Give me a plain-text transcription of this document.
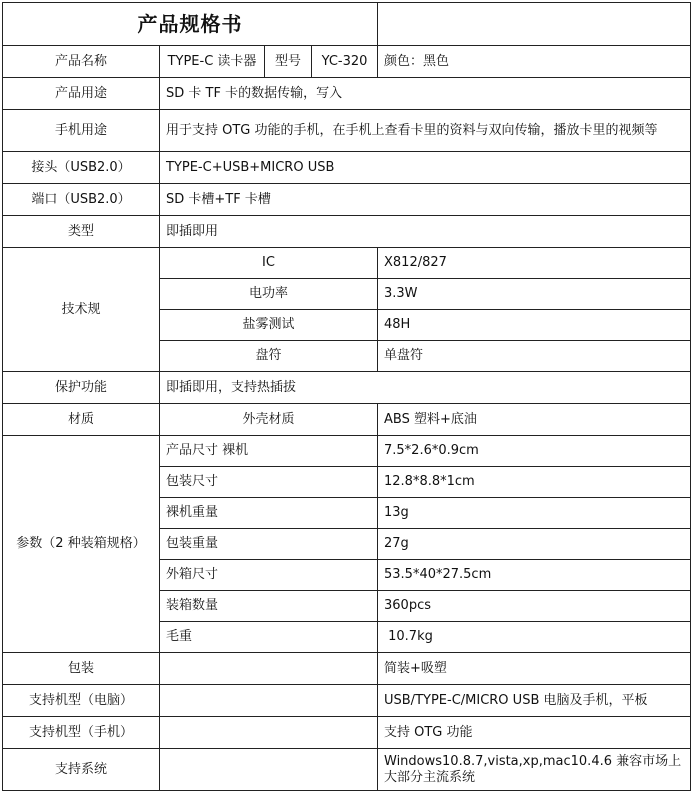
产品规格书				
产品名称	TYPE-C 读卡器	型号	YC-320	颜色：黑色
产品用途	SD 卡 TF 卡的数据传输，写入			
手机用途	用于支持 OTG 功能的手机，在手机上查看卡里的资料与双向传输，播放卡里的视频等			
接头（USB2.0）	TYPE-C+USB+MICRO USB			
端口（USB2.0）	SD 卡槽+TF 卡槽			
类型	即插即用			
技术规	IC			X812/827
	电功率			3.3W
	盐雾测试			48H
	盘符			单盘符
保护功能	即插即用，支持热插拔			
材质	外壳材质			ABS 塑料+底油
参数（2 种装箱规格）	产品尺寸 裸机			7.5*2.6*0.9cm
	包装尺寸			12.8*8.8*1cm
	裸机重量			13g
	包装重量			27g
	外箱尺寸			53.5*40*27.5cm
	装箱数量			360pcs
	毛重			10.7kg
包装				简装+吸塑
支持机型（电脑）				USB/TYPE-C/MICRO USB 电脑及手机，平板
支持机型（手机）				支持 OTG 功能
支持系统				Windows10.8.7,vista,xp,mac10.4.6 兼容市场上大部分主流系统
